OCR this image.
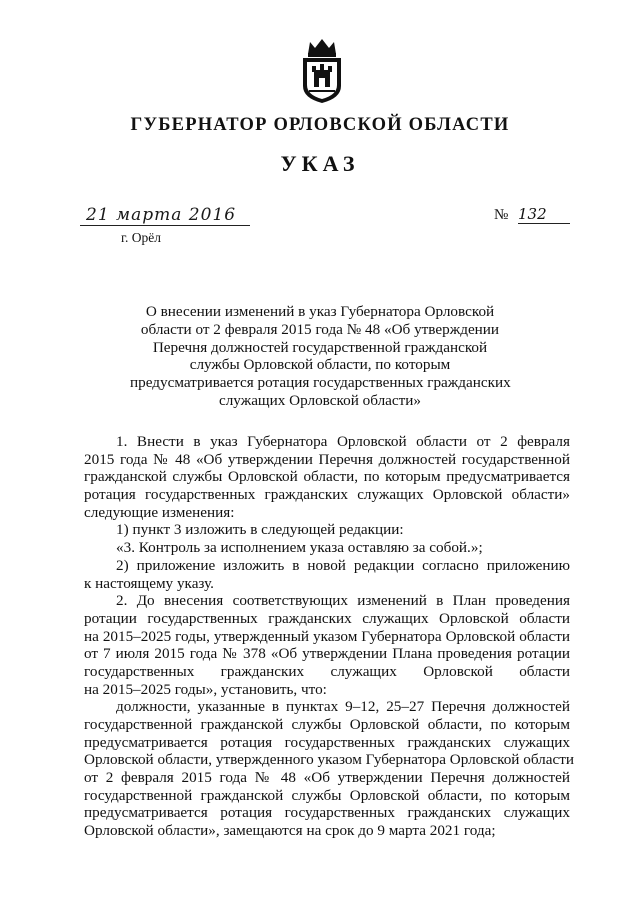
ГУБЕРНАТОР ОРЛОВСКОЙ ОБЛАСТИ
УКАЗ
21 марта 2016
г. Орёл
№ 132
О внесении изменений в указ Губернатора Орловской
области от 2 февраля 2015 года № 48 «Об утверждении
Перечня должностей государственной гражданской
службы Орловской области, по которым
предусматривается ротация государственных гражданских
служащих Орловской области»
1. Внести в указ Губернатора Орловской области от 2 февраля
2015 года № 48 «Об утверждении Перечня должностей государственной
гражданской службы Орловской области, по которым предусматривается
ротация государственных гражданских служащих Орловской области»
следующие изменения:
1) пункт 3 изложить в следующей редакции:
«3. Контроль за исполнением указа оставляю за собой.»;
2) приложение изложить в новой редакции согласно приложению
к настоящему указу.
2. До внесения соответствующих изменений в План проведения
ротации государственных гражданских служащих Орловской области
на 2015–2025 годы, утвержденный указом Губернатора Орловской области
от 7 июля 2015 года № 378 «Об утверждении Плана проведения ротации
государственных гражданских служащих Орловской области
на 2015–2025 годы», установить, что:
должности, указанные в пунктах 9–12, 25–27 Перечня должностей
государственной гражданской службы Орловской области, по которым
предусматривается ротация государственных гражданских служащих
Орловской области, утвержденного указом Губернатора Орловской области
от 2 февраля 2015 года № 48 «Об утверждении Перечня должностей
государственной гражданской службы Орловской области, по которым
предусматривается ротация государственных гражданских служащих
Орловской области», замещаются на срок до 9 марта 2021 года;
